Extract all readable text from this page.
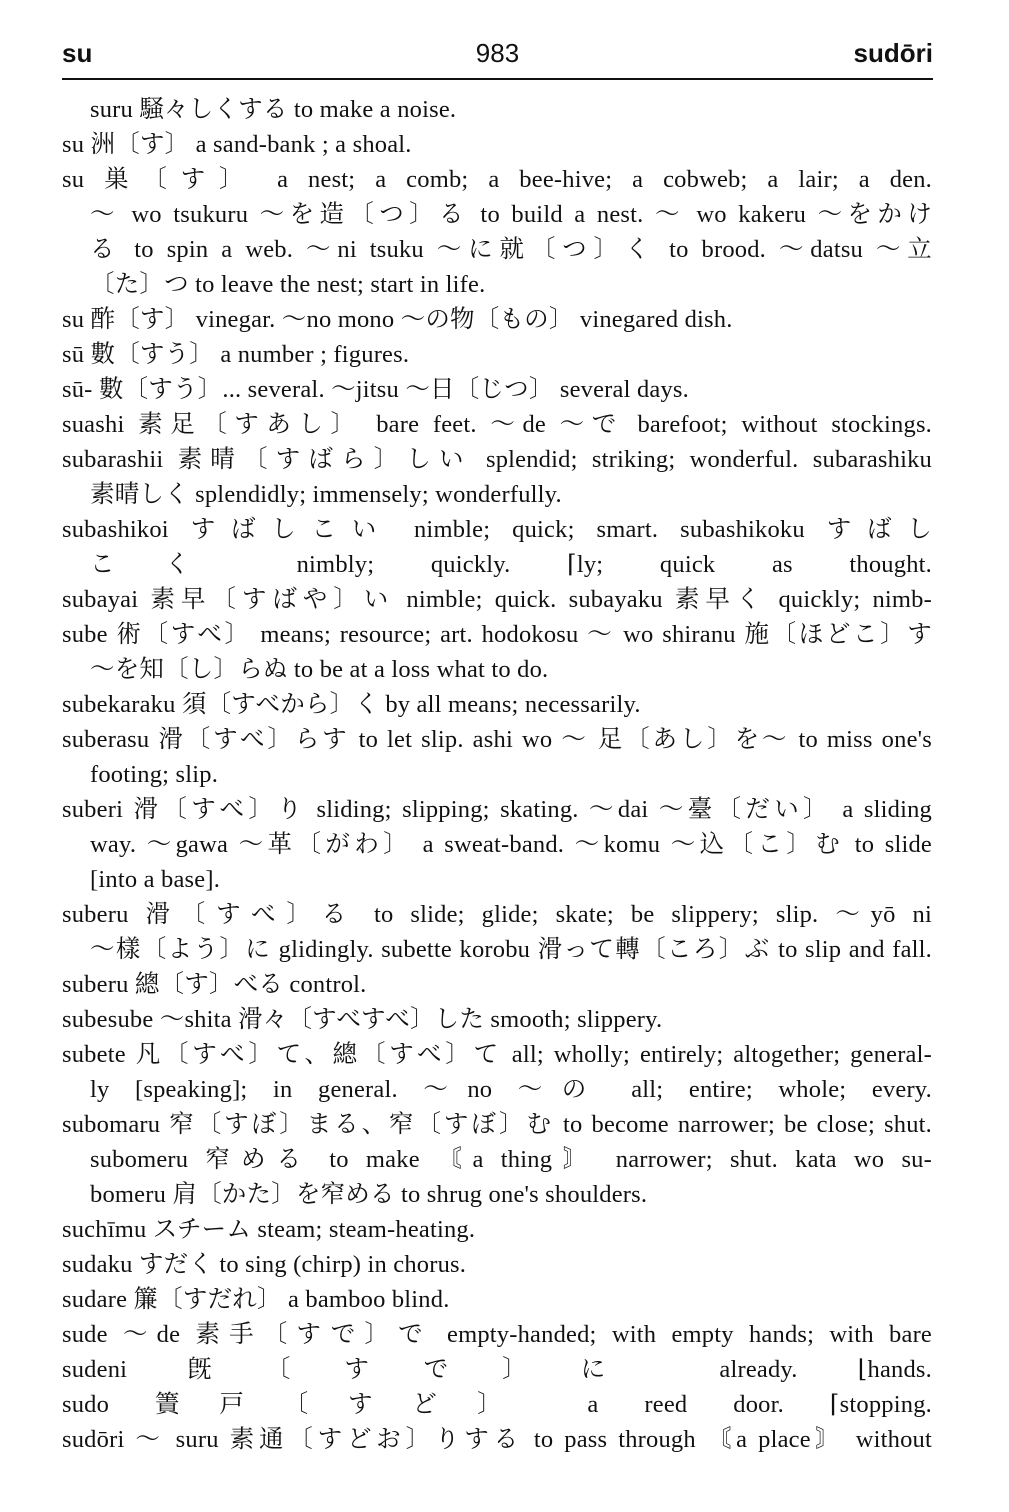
su	983	sudōri
suru 騒々しくする to make a noise.
su 洲〔す〕 a sand-bank ; a shoal.
su 巣〔す〕 a nest; a comb; a bee-hive; a cobweb; a lair; a den.
～ wo tsukuru ～を造〔つ〕る to build a nest. ～ wo kakeru ～をかけ
る to spin a web. ～ni tsuku ～に就〔つ〕く to brood. ～datsu ～立
〔た〕つ to leave the nest; start in life.
su 酢〔す〕 vinegar. ～no mono ～の物〔もの〕 vinegared dish.
sū 數〔すう〕 a number ; figures.
sū- 數〔すう〕... several. ～jitsu ～日〔じつ〕 several days.
suashi 素足〔すあし〕 bare feet. ～de ～で barefoot; without stockings.
subarashii 素晴〔すばら〕しい splendid; striking; wonderful. subarashiku
素晴しく splendidly; immensely; wonderfully.
subashikoi すばしこい nimble; quick; smart. subashikoku すばし
こく nimbly; quickly. ⌈ly; quick as thought.
subayai 素早〔すばや〕い nimble; quick. subayaku 素早く quickly; nimb-
sube 術〔すべ〕 means; resource; art. hodokosu ～ wo shiranu 施〔ほどこ〕す
～を知〔し〕らぬ to be at a loss what to do.
subekaraku 須〔すべから〕く by all means; necessarily.
suberasu 滑〔すべ〕らす to let slip. ashi wo ～ 足〔あし〕を～ to miss one's
footing; slip.
suberi 滑〔すべ〕り sliding; slipping; skating. ～dai ～臺〔だい〕 a sliding
way. ～gawa ～革〔がわ〕 a sweat-band. ～komu ～込〔こ〕む to slide
[into a base].
suberu 滑〔すべ〕る to slide; glide; skate; be slippery; slip. ～yō ni
～樣〔よう〕に glidingly. subette korobu 滑って轉〔ころ〕ぶ to slip and fall.
suberu 總〔す〕べる control.
subesube ～shita 滑々〔すべすべ〕した smooth; slippery.
subete 凡〔すべ〕て、總〔すべ〕て all; wholly; entirely; altogether; general-
ly [speaking]; in general. ～no ～の all; entire; whole; every.
subomaru 窄〔すぼ〕まる、窄〔すぼ〕む to become narrower; be close; shut.
subomeru 窄める to make 〘a thing〙 narrower; shut. kata wo su-
bomeru 肩〔かた〕を窄める to shrug one's shoulders.
suchīmu スチーム steam; steam-heating.
sudaku すだく to sing (chirp) in chorus.
sudare 簾〔すだれ〕 a bamboo blind.
sude ～de 素手〔すで〕で empty-handed; with empty hands; with bare
sudeni 旣〔すで〕に already. ⌊hands.
sudo 簀戸〔すど〕 a reed door. ⌈stopping.
sudōri ～ suru 素通〔すどお〕りする to pass through 〘a place〙 without
